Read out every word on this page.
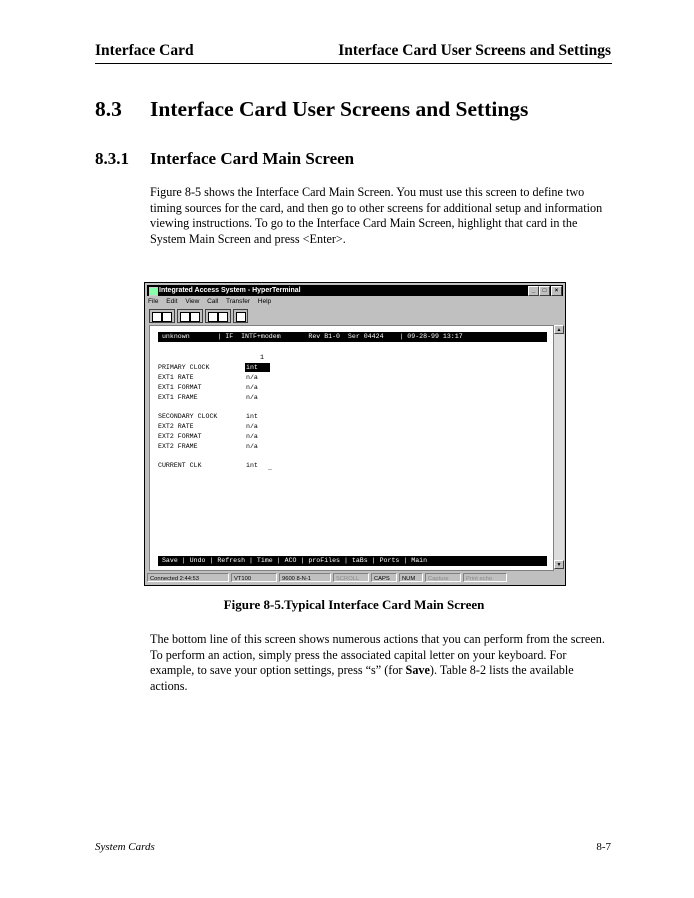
Interface Card	Interface Card User Screens and Settings
8.3 Interface Card User Screens and Settings
8.3.1 Interface Card Main Screen
Figure 8-5 shows the Interface Card Main Screen. You must use this screen to define two
timing sources for the card, and then go to other screens for additional setup and information
viewing instructions. To go to the Interface Card Main Screen, highlight that card in the
System Main Screen and press <Enter>.
Integrated Access System - HyperTerminal	_	□	×
File Edit View Call Transfer Help
unknown       | IF  INTF+modem       Rev B1-0  Ser 04424    | 09-28-99 13:17
1
PRIMARY CLOCK	int
EXT1 RATE	n/a
EXT1 FORMAT	n/a
EXT1 FRAME	n/a
SECONDARY CLOCK	int
EXT2 RATE	n/a
EXT2 FORMAT	n/a
EXT2 FRAME	n/a
CURRENT CLK	int _
Save | Undo | Refresh | Time | ACO | proFiles | taBs | Ports | Main
▲
▼
Connected 2:44:53	VT100	9600 8-N-1	SCROLL	CAPS	NUM	Capture	Print echo
Figure 8-5.Typical Interface Card Main Screen
The bottom line of this screen shows numerous actions that you can perform from the screen.
To perform an action, simply press the associated capital letter on your keyboard. For
example, to save your option settings, press “s” (for Save). Table 8-2 lists the available
actions.
System Cards	8-7
